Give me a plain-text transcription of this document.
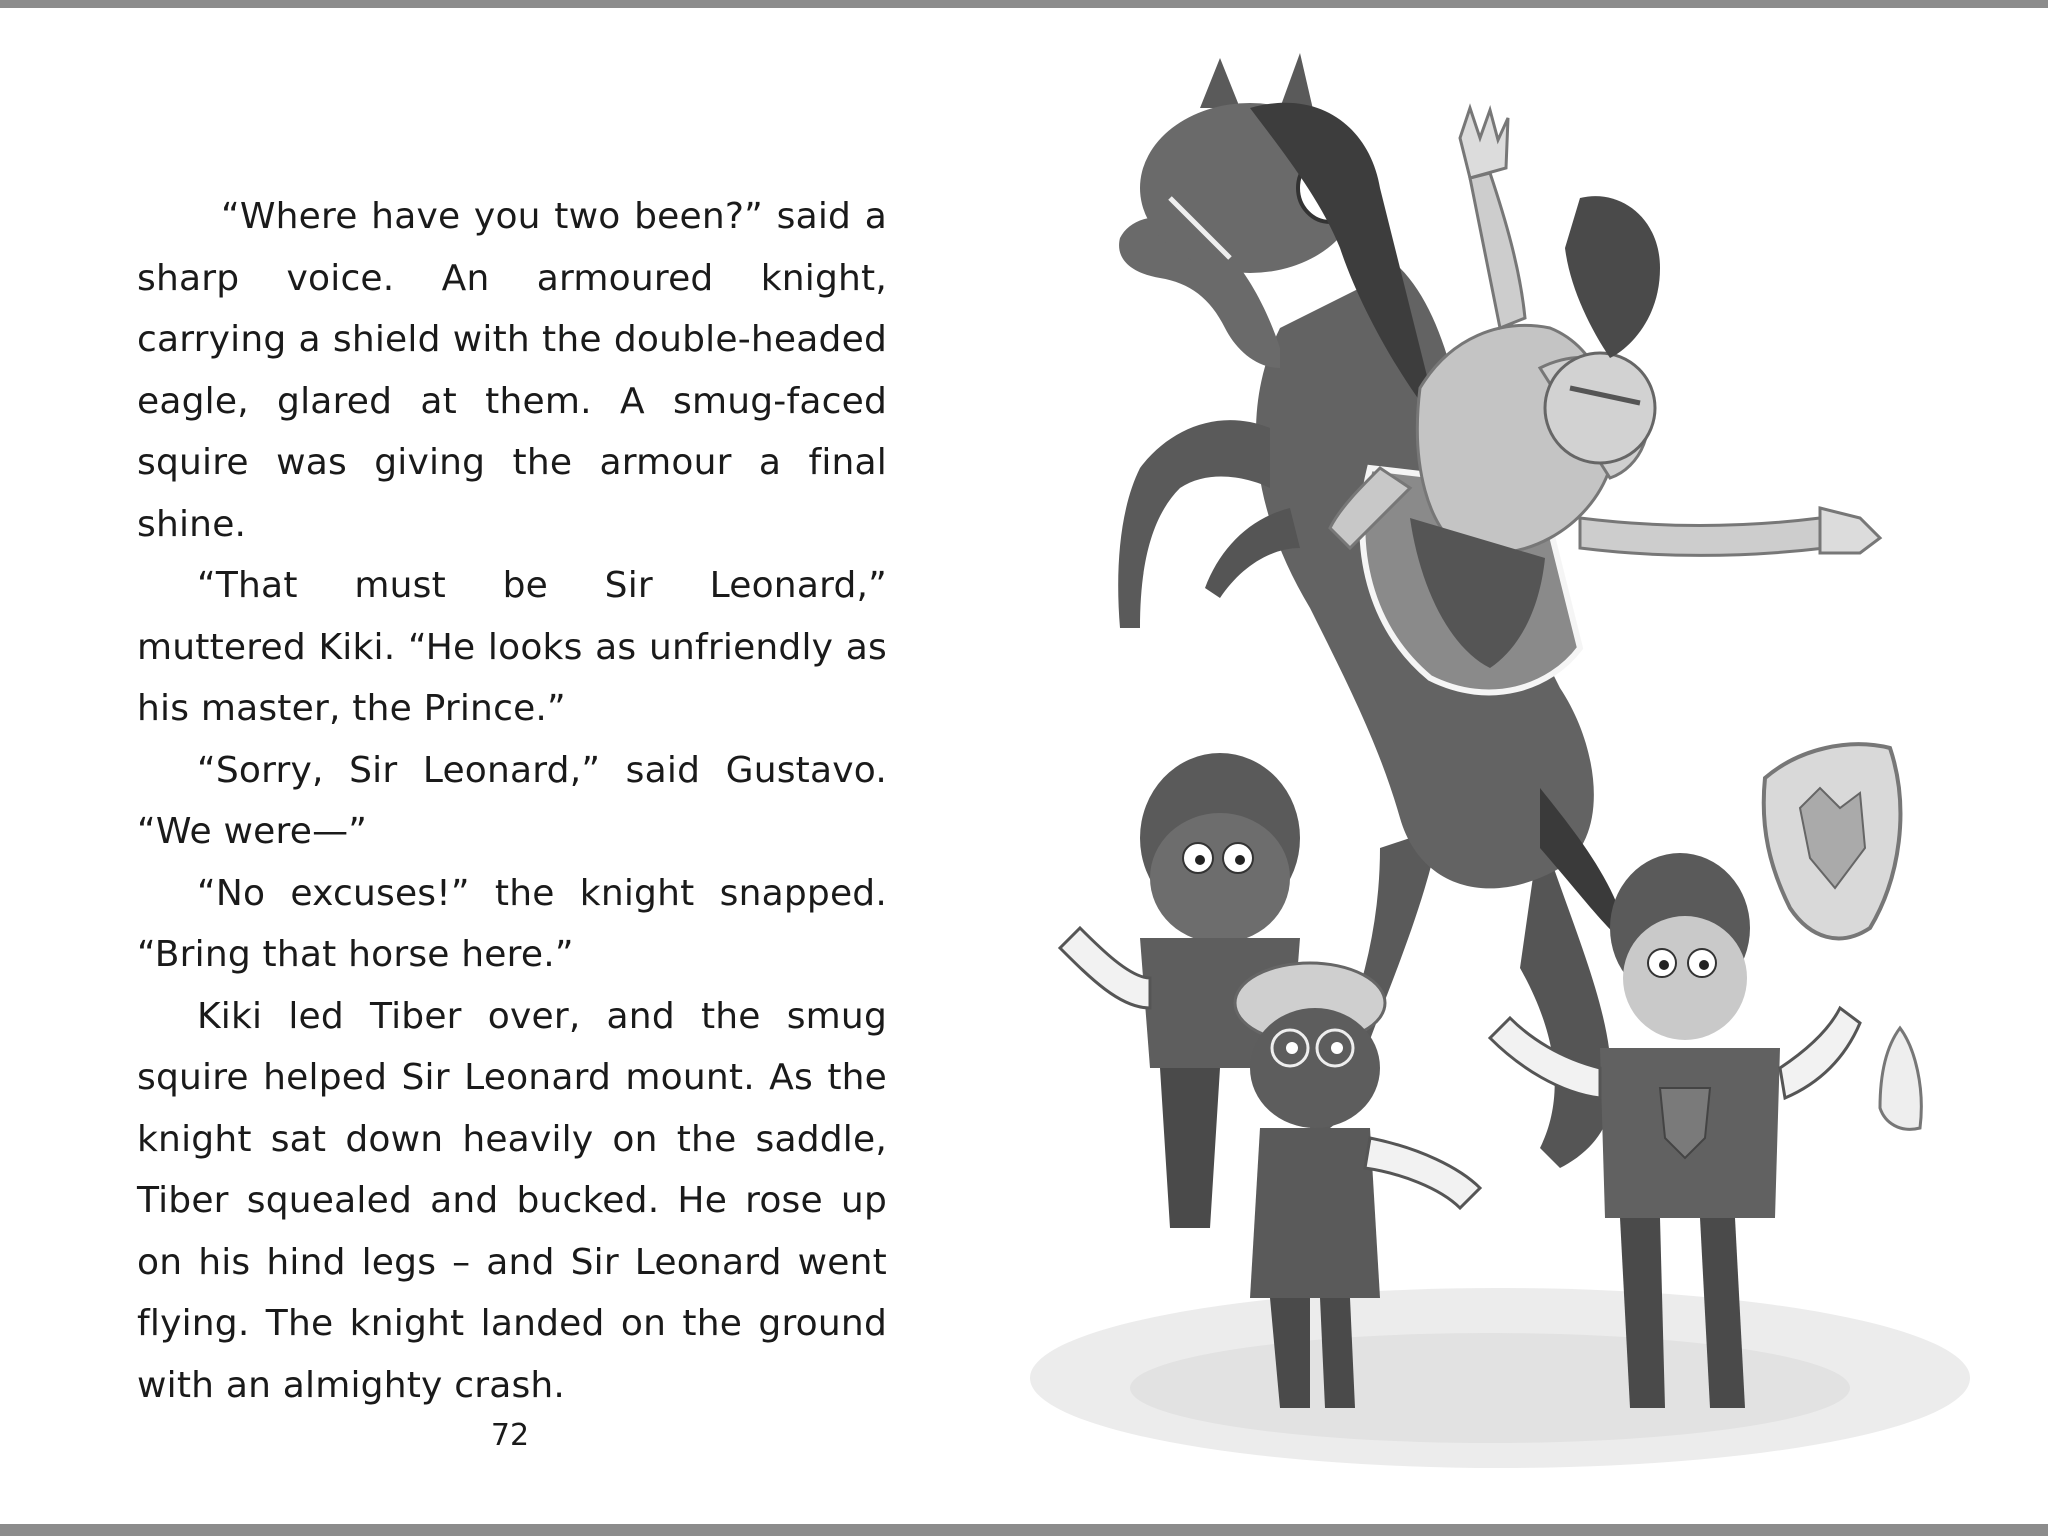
“Where have you two been?” said a sharp voice. An armoured knight, carrying a shield with the double-headed eagle, glared at them. A smug-faced squire was giving the armour a final shine.

“That must be Sir Leonard,” muttered Kiki. “He looks as unfriendly as his master, the Prince.”

“Sorry, Sir Leonard,” said Gustavo. “We were—”

“No excuses!” the knight snapped. “Bring that horse here.”

Kiki led Tiber over, and the smug squire helped Sir Leonard mount. As the knight sat down heavily on the saddle, Tiber squealed and bucked. He rose up on his hind legs – and Sir Leonard went flying. The knight landed on the ground with an almighty crash.

72
